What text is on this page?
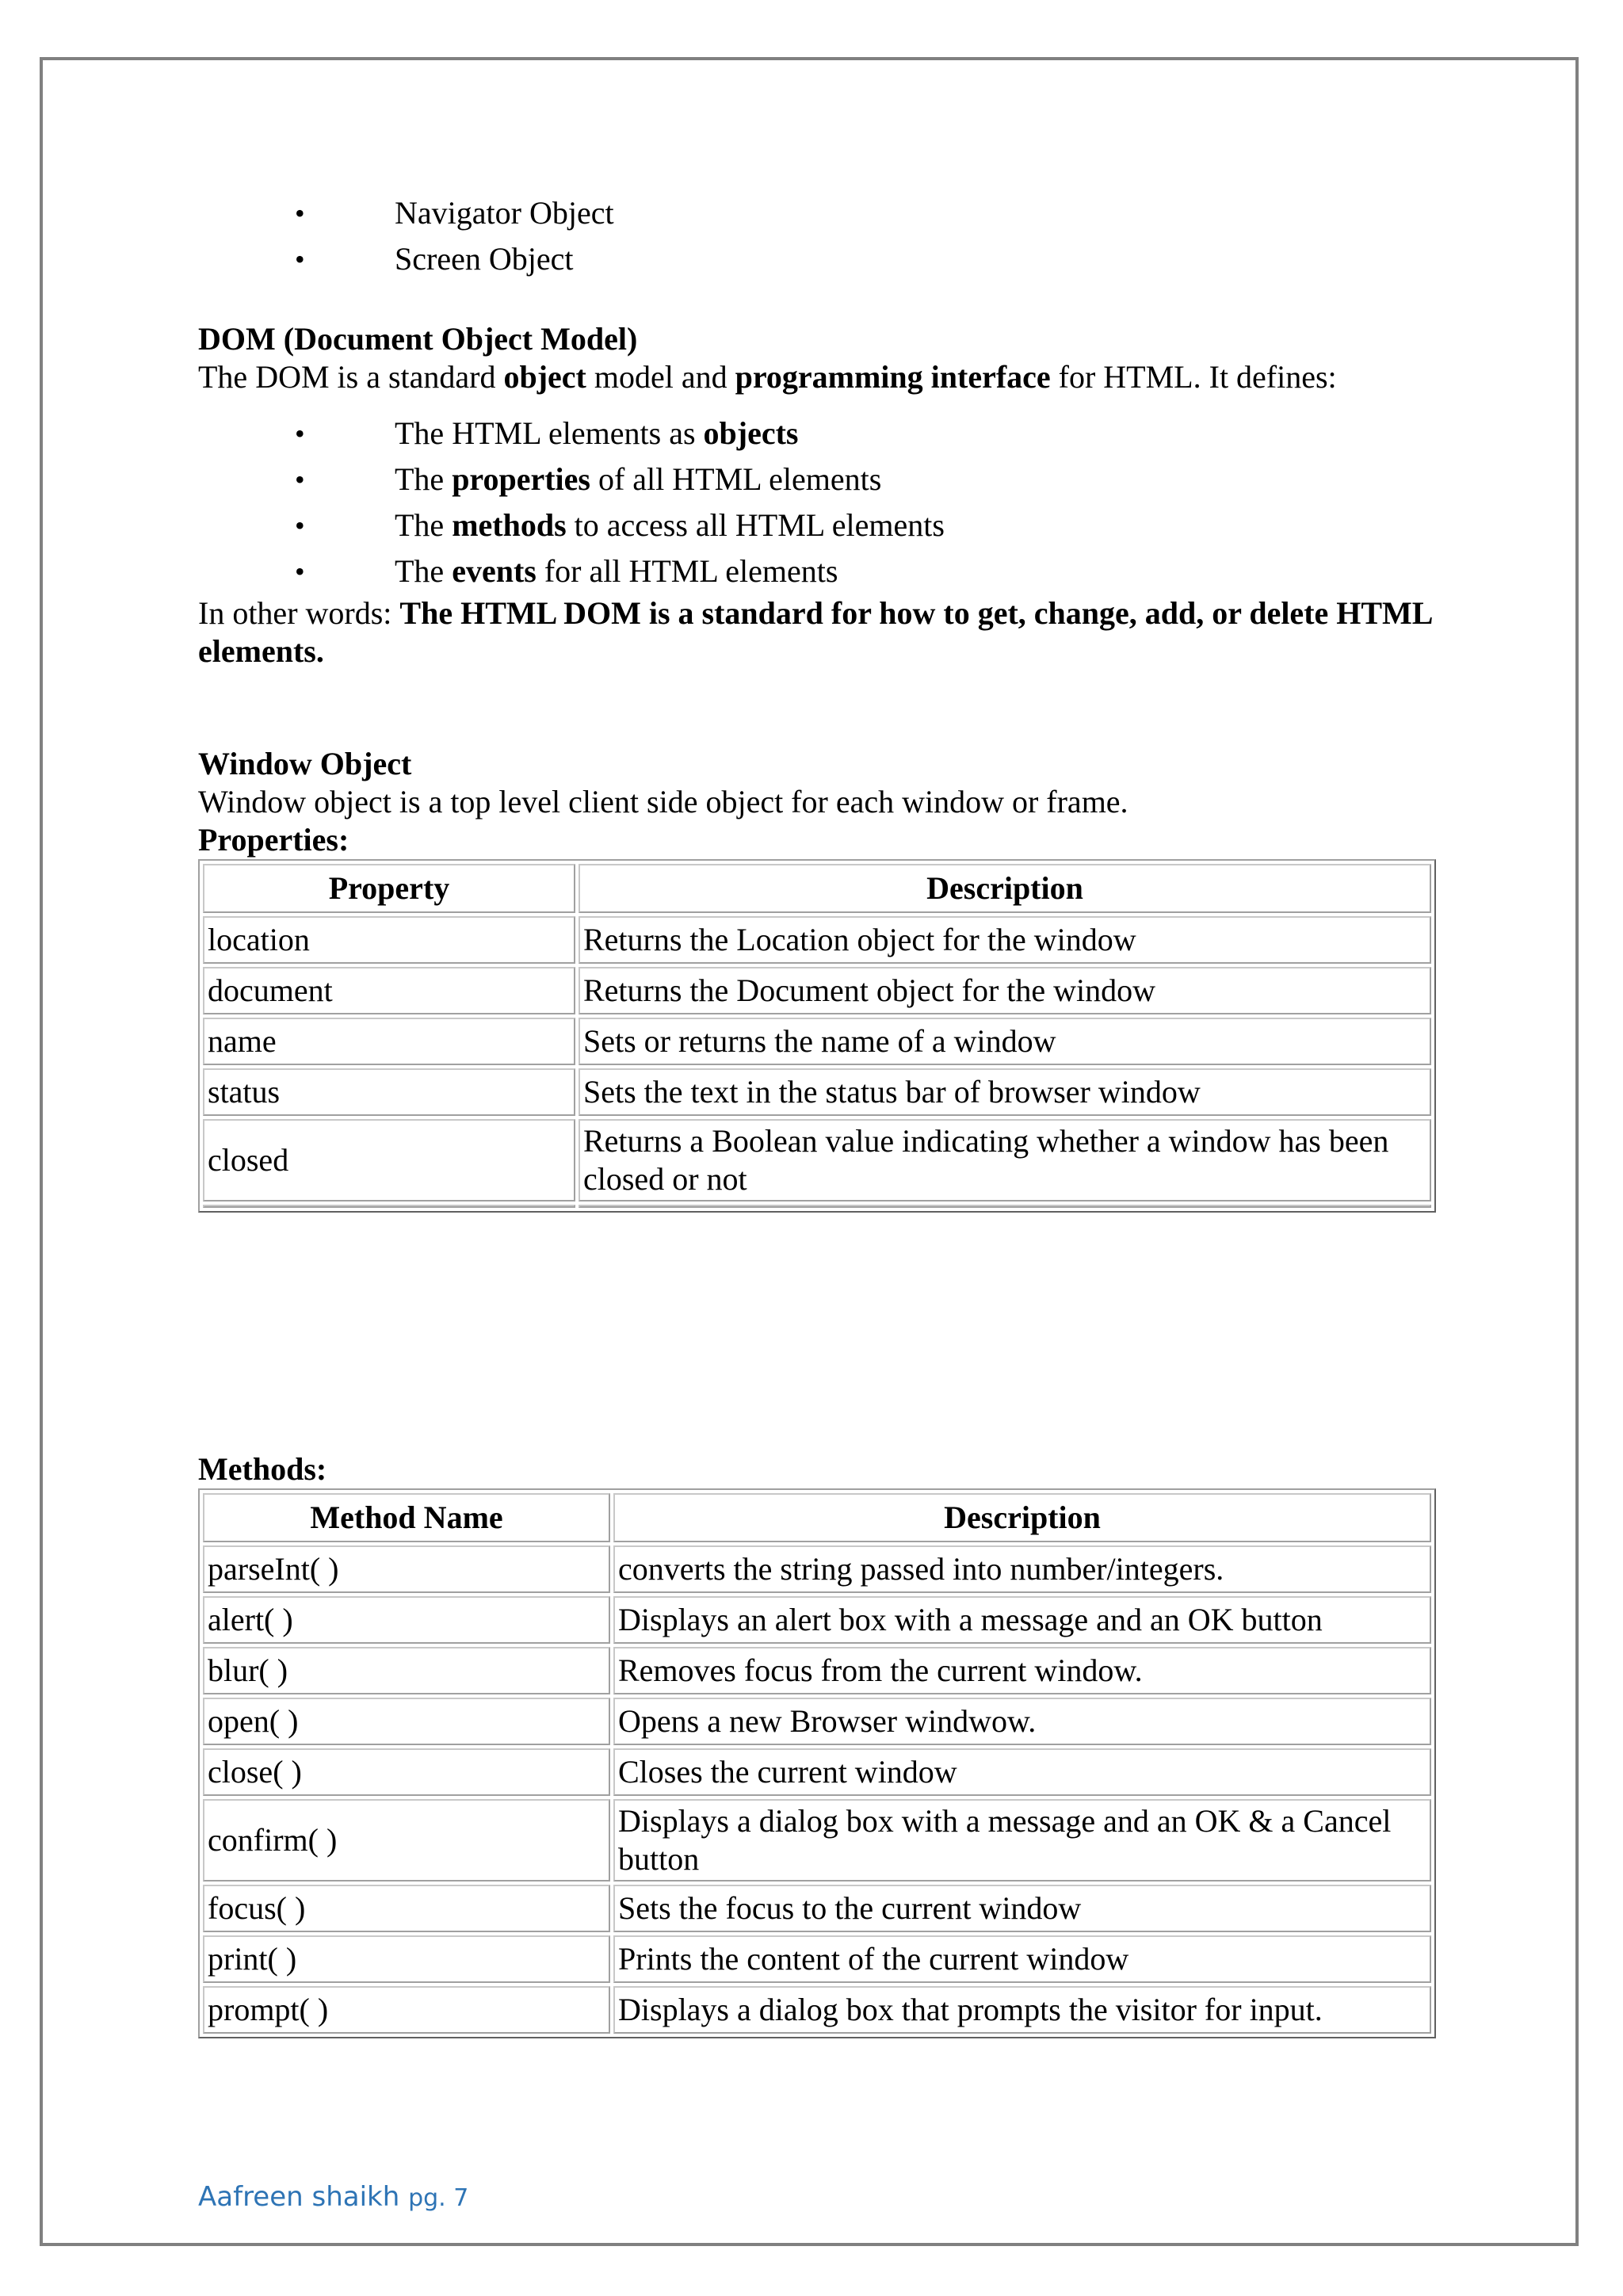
• Navigator Object
• Screen Object
DOM (Document Object Model)

The DOM is a standard object model and programming interface for HTML. It defines:

• The HTML elements as objects
• The properties of all HTML elements
• The methods to access all HTML elements
• The events for all HTML elements

In other words: The HTML DOM is a standard for how to get, change, add, or delete HTML elements.

Window Object

Window object is a top level client side object for each window or frame.

Properties:
Property	Description
location	Returns the Location object for the window
document	Returns the Document object for the window
name	Sets or returns the name of a window
status	Sets the text in the status bar of browser window
closed	Returns a Boolean value indicating whether a window has been closed or not

Methods:
Method Name	Description
parseInt( )	converts the string passed into number/integers.
alert( )	Displays an alert box with a message and an OK button
blur( )	Removes focus from the current window.
open( )	Opens a new Browser windwow.
close( )	Closes the current window
confirm( )	Displays a dialog box with a message and an OK & a Cancel button
focus( )	Sets the focus to the current window
print( )	Prints the content of the current window
prompt( )	Displays a dialog box that prompts the visitor for input.
Aafreen shaikh pg. 7
